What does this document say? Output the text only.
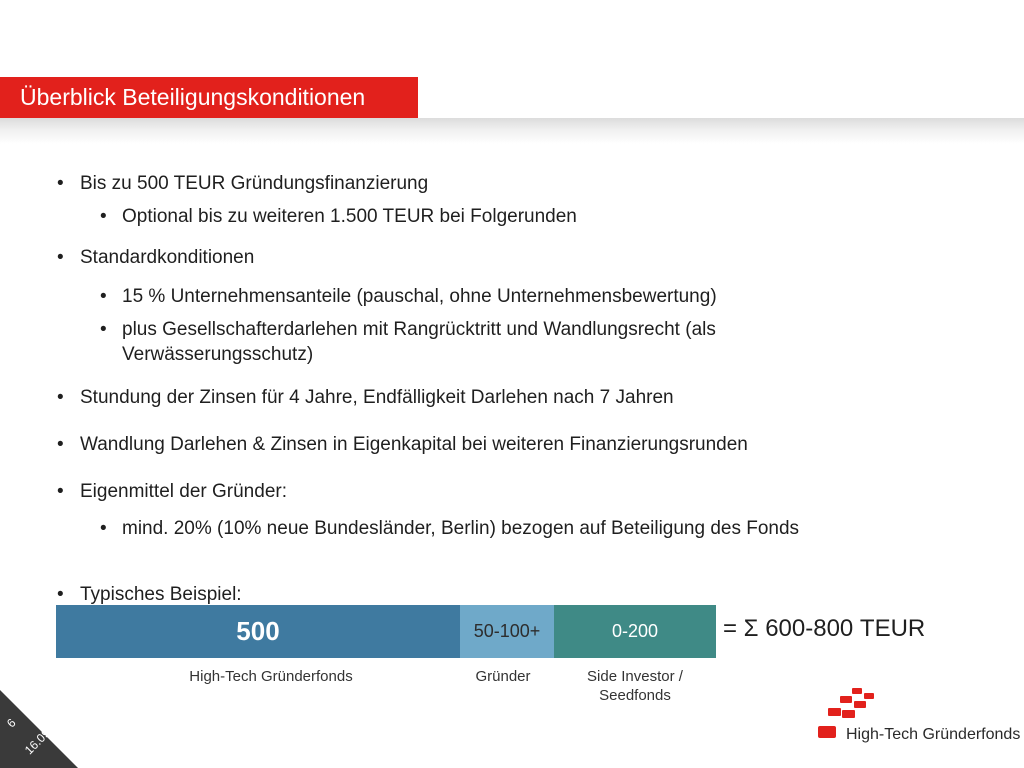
Überblick Beteiligungskonditionen
• Bis zu 500 TEUR Gründungsfinanzierung
• Optional bis zu weiteren 1.500 TEUR bei Folgerunden
• Standardkonditionen
• 15 % Unternehmensanteile (pauschal, ohne Unternehmensbewertung)
• plus Gesellschafterdarlehen mit Rangrücktritt und Wandlungsrecht (als
Verwässerungsschutz)
• Stundung der Zinsen für 4 Jahre, Endfälligkeit Darlehen nach 7 Jahren
• Wandlung Darlehen & Zinsen in Eigenkapital bei weiteren Finanzierungsrunden
• Eigenmittel der Gründer:
• mind. 20% (10% neue Bundesländer, Berlin) bezogen auf Beteiligung des Fonds
• Typisches Beispiel:
500	50-100+	0-200	= Σ 600-800 TEUR
High-Tech Gründerfonds	Gründer	Side Investor /
Seedfonds
6 16.09.2018	High-Tech Gründerfonds
